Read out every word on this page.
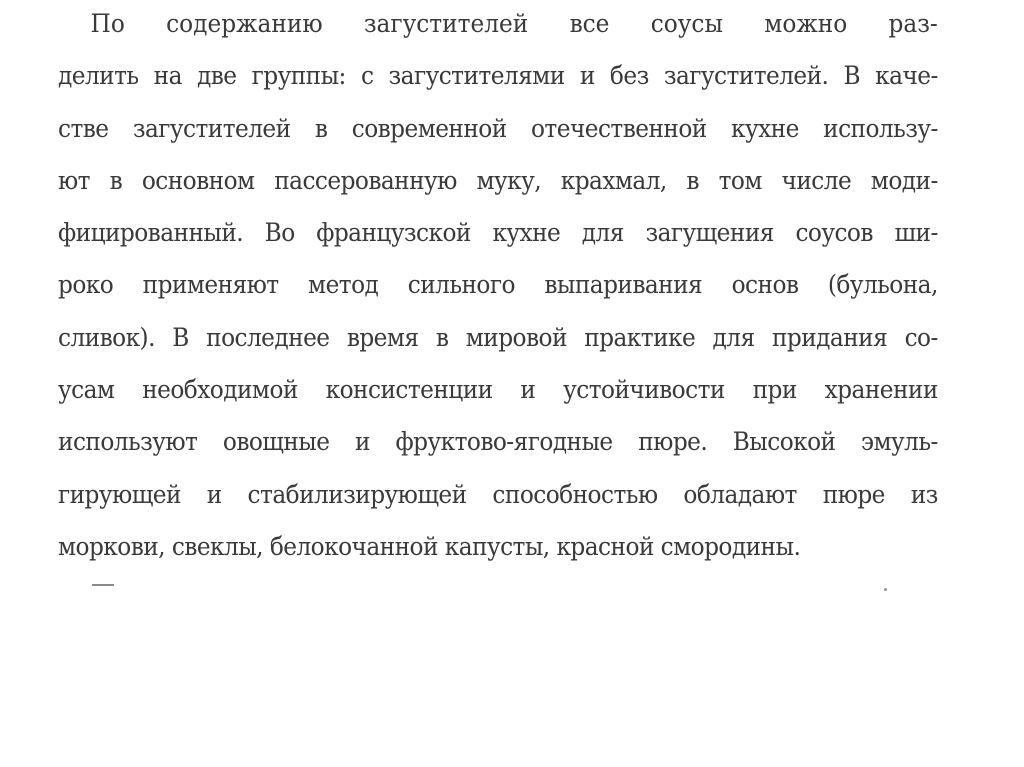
По содержанию загустителей все соусы можно раз-
делить на две группы: с загустителями и без загустителей. В каче-
стве загустителей в современной отечественной кухне использу-
ют в основном пассерованную муку, крахмал, в том числе моди-
фицированный. Во французской кухне для загущения соусов ши-
роко применяют метод сильного выпаривания основ (бульона,
сливок). В последнее время в мировой практике для придания со-
усам необходимой консистенции и устойчивости при хранении
используют овощные и фруктово-ягодные пюре. Высокой эмуль-
гирующей и стабилизирующей способностью обладают пюре из
моркови, свеклы, белокочанной капусты, красной смородины.
